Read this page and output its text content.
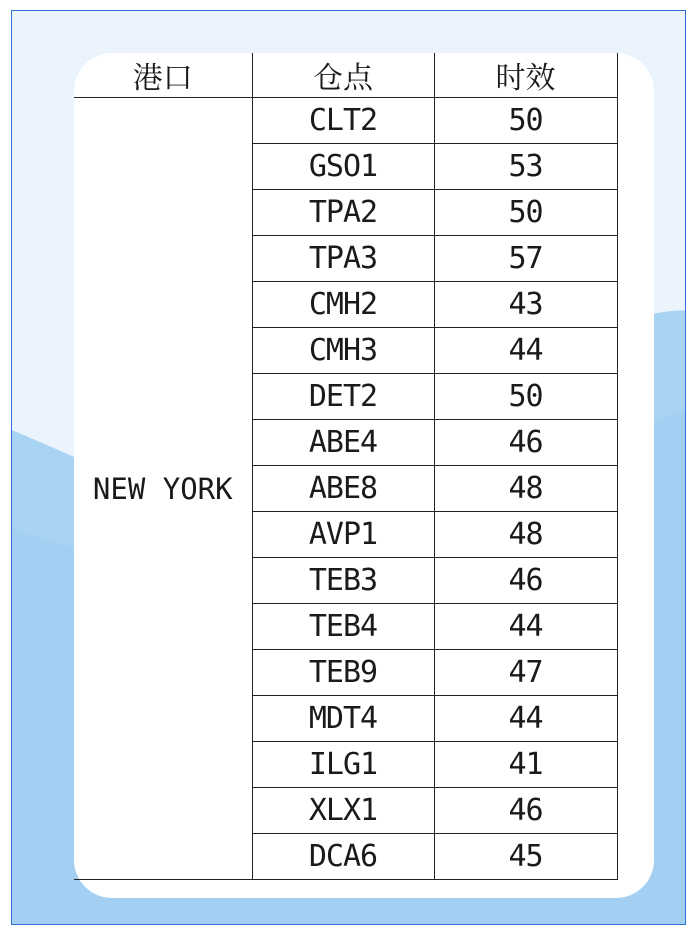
港口	仓点	时效
NEW YORK	CLT2	50
	GSO1	53
	TPA2	50
	TPA3	57
	CMH2	43
	CMH3	44
	DET2	50
	ABE4	46
	ABE8	48
	AVP1	48
	TEB3	46
	TEB4	44
	TEB9	47
	MDT4	44
	ILG1	41
	XLX1	46
	DCA6	45
